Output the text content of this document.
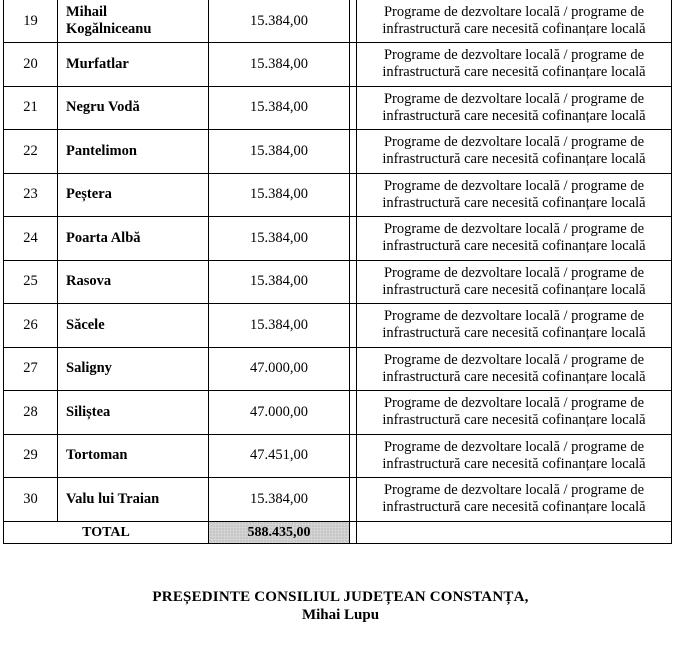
19	Mihail
Kogălniceanu	15.384,00		Programe de dezvoltare locală / programe de
infrastructură care necesită cofinanțare locală
20	Murfatlar	15.384,00		Programe de dezvoltare locală / programe de
infrastructură care necesită cofinanțare locală
21	Negru Vodă	15.384,00		Programe de dezvoltare locală / programe de
infrastructură care necesită cofinanțare locală
22	Pantelimon	15.384,00		Programe de dezvoltare locală / programe de
infrastructură care necesită cofinanțare locală
23	Peștera	15.384,00		Programe de dezvoltare locală / programe de
infrastructură care necesită cofinanțare locală
24	Poarta Albă	15.384,00		Programe de dezvoltare locală / programe de
infrastructură care necesită cofinanțare locală
25	Rasova	15.384,00		Programe de dezvoltare locală / programe de
infrastructură care necesită cofinanțare locală
26	Săcele	15.384,00		Programe de dezvoltare locală / programe de
infrastructură care necesită cofinanțare locală
27	Saligny	47.000,00		Programe de dezvoltare locală / programe de
infrastructură care necesită cofinanțare locală
28	Siliștea	47.000,00		Programe de dezvoltare locală / programe de
infrastructură care necesită cofinanțare locală
29	Tortoman	47.451,00		Programe de dezvoltare locală / programe de
infrastructură care necesită cofinanțare locală
30	Valu lui Traian	15.384,00		Programe de dezvoltare locală / programe de
infrastructură care necesită cofinanțare locală
TOTAL		588.435,00		
PREȘEDINTE CONSILIUL JUDEȚEAN CONSTANȚA,
Mihai Lupu
